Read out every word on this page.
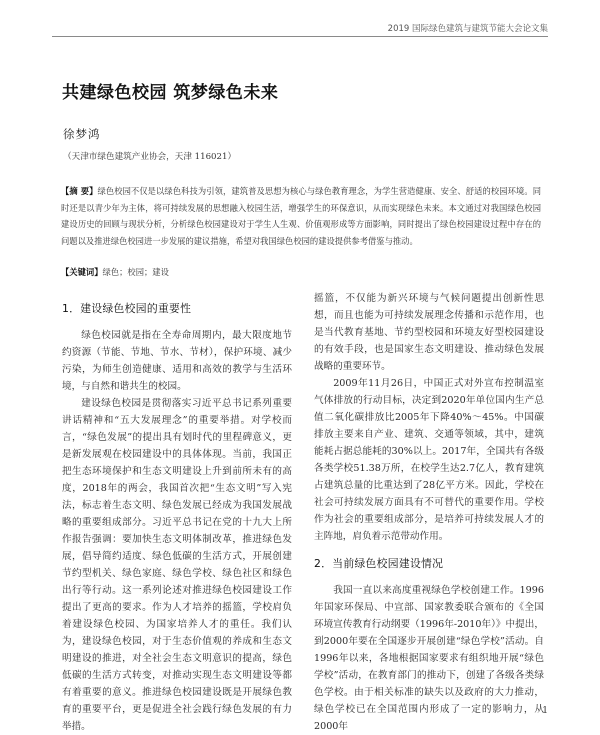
2019 国际绿色建筑与建筑节能大会论文集
共建绿色校园 筑梦绿色未来
徐梦鸿
（天津市绿色建筑产业协会，天津 116021）
【摘 要】绿色校园不仅是以绿色科技为引领，建筑普及思想为核心与绿色教育理念，为学生营造健康、安全、舒适的校园环境。同时还是以青少年为主体，将可持续发展的思想融入校园生活，增强学生的环保意识，从而实现绿色未来。本文通过对我国绿色校园建设历史的回顾与现状分析，分析绿色校园建设对于学生人生观、价值观形成等方面影响，同时提出了绿色校园建设过程中存在的问题以及推进绿色校园进一步发展的建议措施，希望对我国绿色校园的建设提供参考借鉴与推动。
【关键词】绿色；校园；建设
1．建设绿色校园的重要性

绿色校园就是指在全寿命周期内，最大限度地节约资源（节能、节地、节水、节材），保护环境、减少污染，为师生创造健康、适用和高效的教学与生活环境，与自然和谐共生的校园。

建设绿色校园是贯彻落实习近平总书记系列重要讲话精神和“五大发展理念”的重要举措。对学校而言，“绿色发展”的提出具有划时代的里程碑意义，更是新发展观在校园建设中的具体体现。当前，我国正把生态环境保护和生态文明建设上升到前所未有的高度，2018年的两会，我国首次把“生态文明”写入宪法，标志着生态文明、绿色发展已经成为我国发展战略的重要组成部分。习近平总书记在党的十九大上所作报告强调：要加快生态文明体制改革，推进绿色发展，倡导简约适度、绿色低碳的生活方式，开展创建节约型机关、绿色家庭、绿色学校、绿色社区和绿色出行等行动。这一系列论述对推进绿色校园建设工作提出了更高的要求。作为人才培养的摇篮，学校肩负着建设绿色校园、为国家培养人才的重任。我们认为，建设绿色校园，对于生态价值观的养成和生态文明建设的推进，对全社会生态文明意识的提高，绿色低碳的生活方式转变，对推动实现生态文明建设等都有着重要的意义。推进绿色校园建设既是开展绿色教育的重要平台，更是促进全社会践行绿色发展的有力举措。

摇篮，不仅能为新兴环境与气候问题提出创新性思想，而且也能为可持续发展理念传播和示范作用，也是当代教育基地、节约型校园和环境友好型校园建设的有效手段，也是国家生态文明建设、推动绿色发展战略的重要环节。

2009年11月26日，中国正式对外宣布控制温室气体排放的行动目标，决定到2020年单位国内生产总值二氧化碳排放比2005年下降40%～45%。中国碳排放主要来自产业、建筑、交通等领域，其中，建筑能耗占据总能耗的30%以上。2017年，全国共有各级各类学校51.38万所，在校学生达2.7亿人，教育建筑占建筑总量的比重达到了28亿平方米。因此，学校在社会可持续发展方面具有不可替代的重要作用。学校作为社会的重要组成部分，是培养可持续发展人才的主阵地，肩负着示范带动作用。

2．当前绿色校园建设情况

我国一直以来高度重视绿色学校创建工作。1996年国家环保局、中宣部、国家教委联合颁布的《全国环境宣传教育行动纲要（1996年-2010年）》中提出，到2000年要在全国逐步开展创建“绿色学校”活动。自1996年以来，各地根据国家要求有组织地开展“绿色学校”活动，在教育部门的推动下，创建了各级各类绿色学校。由于相关标准的缺失以及政府的大力推动，绿色学校已在全国范围内形成了一定的影响力，从2000年

1
